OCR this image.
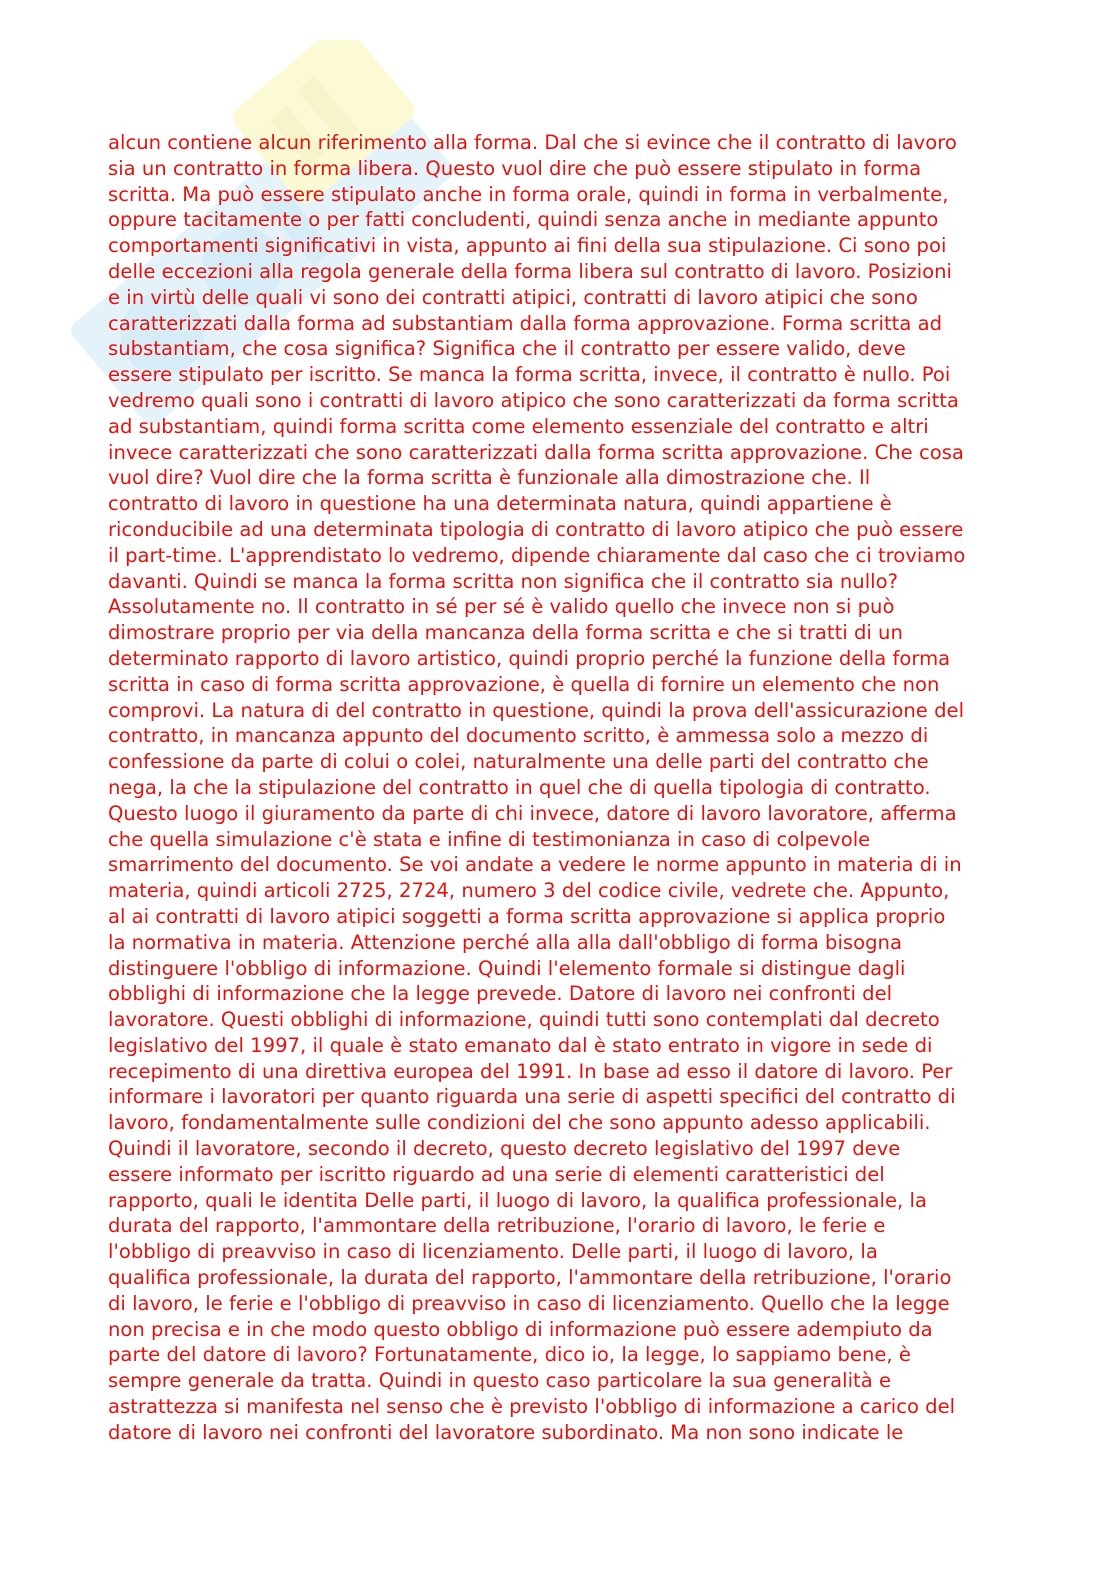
alcun contiene alcun riferimento alla forma. Dal che si evince che il contratto di lavoro
sia un contratto in forma libera. Questo vuol dire che può essere stipulato in forma
scritta. Ma può essere stipulato anche in forma orale, quindi in forma in verbalmente,
oppure tacitamente o per fatti concludenti, quindi senza anche in mediante appunto
comportamenti significativi in vista, appunto ai fini della sua stipulazione. Ci sono poi
delle eccezioni alla regola generale della forma libera sul contratto di lavoro. Posizioni
e in virtù delle quali vi sono dei contratti atipici, contratti di lavoro atipici che sono
caratterizzati dalla forma ad substantiam dalla forma approvazione. Forma scritta ad
substantiam, che cosa significa? Significa che il contratto per essere valido, deve
essere stipulato per iscritto. Se manca la forma scritta, invece, il contratto è nullo. Poi
vedremo quali sono i contratti di lavoro atipico che sono caratterizzati da forma scritta
ad substantiam, quindi forma scritta come elemento essenziale del contratto e altri
invece caratterizzati che sono caratterizzati dalla forma scritta approvazione. Che cosa
vuol dire? Vuol dire che la forma scritta è funzionale alla dimostrazione che. Il
contratto di lavoro in questione ha una determinata natura, quindi appartiene è
riconducibile ad una determinata tipologia di contratto di lavoro atipico che può essere
il part-time. L'apprendistato lo vedremo, dipende chiaramente dal caso che ci troviamo
davanti. Quindi se manca la forma scritta non significa che il contratto sia nullo?
Assolutamente no. Il contratto in sé per sé è valido quello che invece non si può
dimostrare proprio per via della mancanza della forma scritta e che si tratti di un
determinato rapporto di lavoro artistico, quindi proprio perché la funzione della forma
scritta in caso di forma scritta approvazione, è quella di fornire un elemento che non
comprovi. La natura di del contratto in questione, quindi la prova dell'assicurazione del
contratto, in mancanza appunto del documento scritto, è ammessa solo a mezzo di
confessione da parte di colui o colei, naturalmente una delle parti del contratto che
nega, la che la stipulazione del contratto in quel che di quella tipologia di contratto.
Questo luogo il giuramento da parte di chi invece, datore di lavoro lavoratore, afferma
che quella simulazione c'è stata e infine di testimonianza in caso di colpevole
smarrimento del documento. Se voi andate a vedere le norme appunto in materia di in
materia, quindi articoli 2725, 2724, numero 3 del codice civile, vedrete che. Appunto,
al ai contratti di lavoro atipici soggetti a forma scritta approvazione si applica proprio
la normativa in materia. Attenzione perché alla alla dall'obbligo di forma bisogna
distinguere l'obbligo di informazione. Quindi l'elemento formale si distingue dagli
obblighi di informazione che la legge prevede. Datore di lavoro nei confronti del
lavoratore. Questi obblighi di informazione, quindi tutti sono contemplati dal decreto
legislativo del 1997, il quale è stato emanato dal è stato entrato in vigore in sede di
recepimento di una direttiva europea del 1991. In base ad esso il datore di lavoro. Per
informare i lavoratori per quanto riguarda una serie di aspetti specifici del contratto di
lavoro, fondamentalmente sulle condizioni del che sono appunto adesso applicabili.
Quindi il lavoratore, secondo il decreto, questo decreto legislativo del 1997 deve
essere informato per iscritto riguardo ad una serie di elementi caratteristici del
rapporto, quali le identita Delle parti, il luogo di lavoro, la qualifica professionale, la
durata del rapporto, l'ammontare della retribuzione, l'orario di lavoro, le ferie e
l'obbligo di preavviso in caso di licenziamento. Delle parti, il luogo di lavoro, la
qualifica professionale, la durata del rapporto, l'ammontare della retribuzione, l'orario
di lavoro, le ferie e l'obbligo di preavviso in caso di licenziamento. Quello che la legge
non precisa e in che modo questo obbligo di informazione può essere adempiuto da
parte del datore di lavoro? Fortunatamente, dico io, la legge, lo sappiamo bene, è
sempre generale da tratta. Quindi in questo caso particolare la sua generalità e
astrattezza si manifesta nel senso che è previsto l'obbligo di informazione a carico del
datore di lavoro nei confronti del lavoratore subordinato. Ma non sono indicate le
